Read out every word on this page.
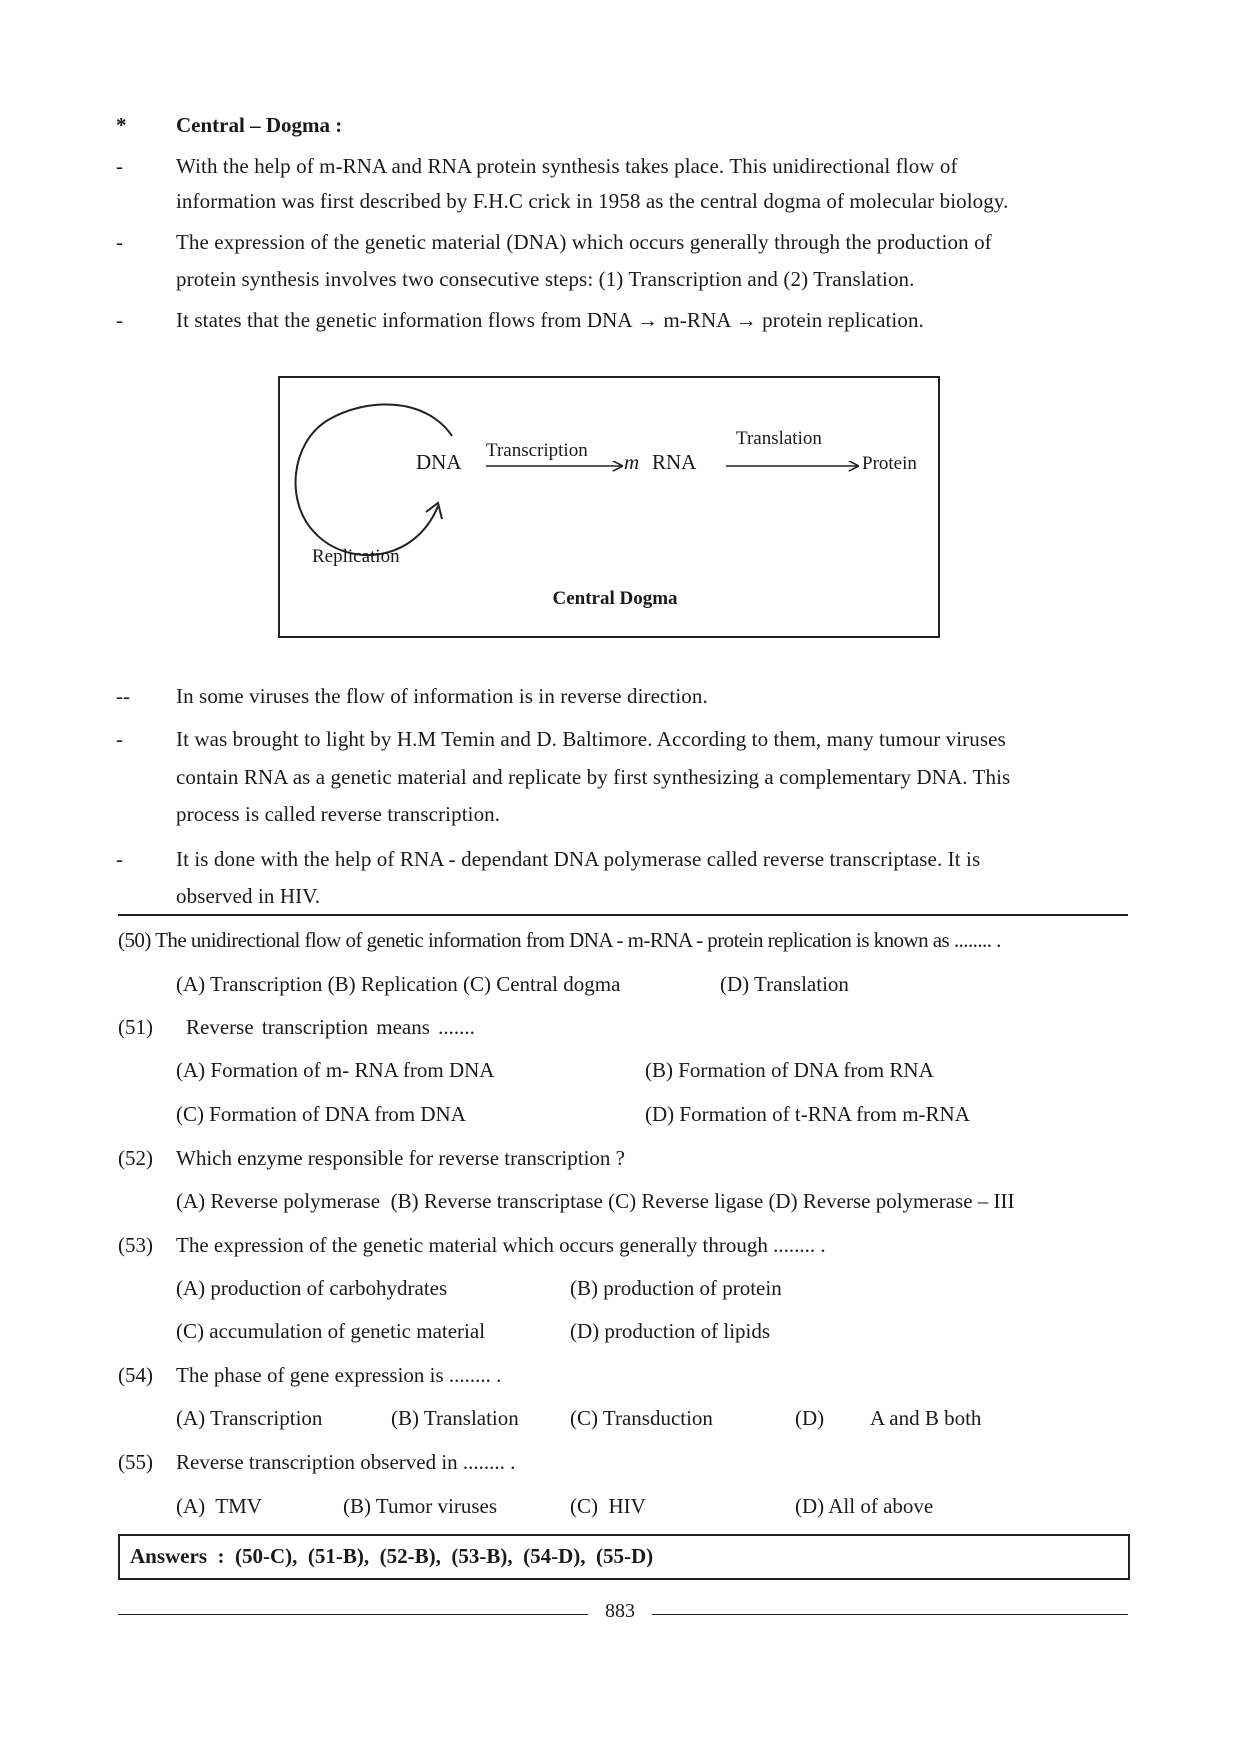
* Central – Dogma :
-	With the help of m-RNA and RNA protein synthesis takes place. This unidirectional flow of
information was first described by F.H.C crick in 1958 as the central dogma of molecular biology.
-	The expression of the genetic material (DNA) which occurs generally through the production of
protein synthesis involves two consecutive steps: (1) Transcription and (2) Translation.
-	It states that the genetic information flows from DNA → m-RNA → protein replication.
DNA Transcription m RNA
Translation
Protein
Replication
Central Dogma
-- In some viruses the flow of information is in reverse direction.
-	It was brought to light by H.M Temin and D. Baltimore. According to them, many tumour viruses
contain RNA as a genetic material and replicate by first synthesizing a complementary DNA. This
process is called reverse transcription.
-	It is done with the help of RNA - dependant DNA polymerase called reverse transcriptase. It is
observed in HIV.
(50) The unidirectional flow of genetic information from DNA - m-RNA - protein replication is known as ........ .
(A) Transcription (B) Replication (C) Central dogma	(D) Translation
(51) Reverse transcription means .......
(A) Formation of m- RNA from DNA	(B) Formation of DNA from RNA
(C) Formation of DNA from DNA	(D) Formation of t-RNA from m-RNA
(52) Which enzyme responsible for reverse transcription ?
(A) Reverse polymerase  (B) Reverse transcriptase (C) Reverse ligase (D) Reverse polymerase – III
(53) The expression of the genetic material which occurs generally through ........ .
(A) production of carbohydrates	(B) production of protein
(C) accumulation of genetic material	(D) production of lipids
(54) The phase of gene expression is ........ .
(A) Transcription	(B) Translation (C) Transduction	(D) A and B both
(55) Reverse transcription observed in ........ .
(A)  TMV	(B) Tumor viruses	(C)  HIV	(D) All of above
Answers  :  (50-C),  (51-B),  (52-B),  (53-B),  (54-D),  (55-D)
883
